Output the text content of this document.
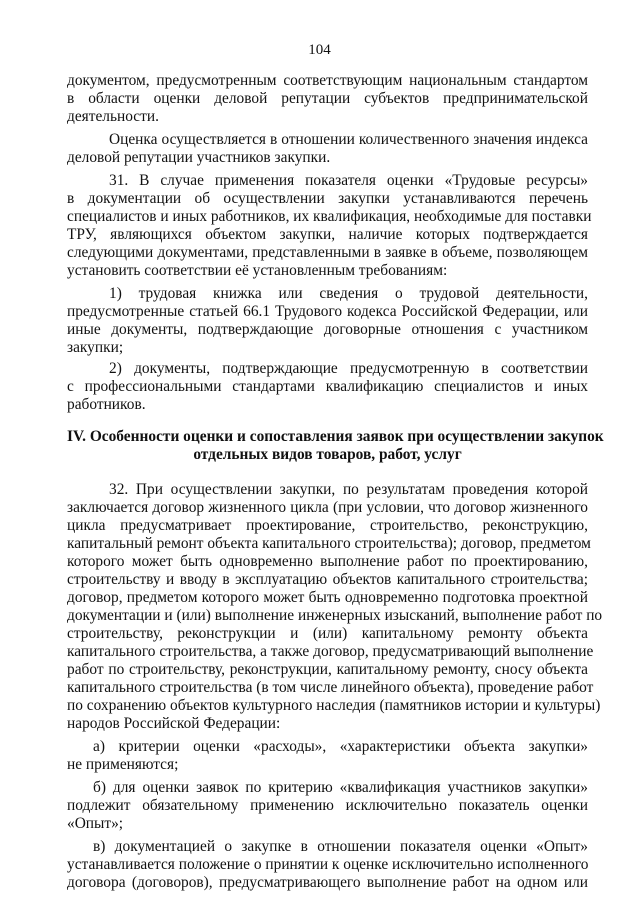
104
документом, предусмотренным соответствующим национальным стандартом
в области оценки деловой репутации субъектов предпринимательской
деятельности.
Оценка осуществляется в отношении количественного значения индекса
деловой репутации участников закупки.
31. В случае применения показателя оценки «Трудовые ресурсы»
в документации об осуществлении закупки устанавливаются перечень
специалистов и иных работников, их квалификация, необходимые для поставки
ТРУ, являющихся объектом закупки, наличие которых подтверждается
следующими документами, представленными в заявке в объеме, позволяющем
установить соответствии её установленным требованиям:
1) трудовая книжка или сведения о трудовой деятельности,
предусмотренные статьей 66.1 Трудового кодекса Российской Федерации, или
иные документы, подтверждающие договорные отношения с участником
закупки;
2) документы, подтверждающие предусмотренную в соответствии
с профессиональными стандартами квалификацию специалистов и иных
работников.
IV. Особенности оценки и сопоставления заявок при осуществлении закупок
отдельных видов товаров, работ, услуг
32. При осуществлении закупки, по результатам проведения которой
заключается договор жизненного цикла (при условии, что договор жизненного
цикла предусматривает проектирование, строительство, реконструкцию,
капитальный ремонт объекта капитального строительства); договор, предметом
которого может быть одновременно выполнение работ по проектированию,
строительству и вводу в эксплуатацию объектов капитального строительства;
договор, предметом которого может быть одновременно подготовка проектной
документации и (или) выполнение инженерных изысканий, выполнение работ по
строительству, реконструкции и (или) капитальному ремонту объекта
капитального строительства, а также договор, предусматривающий выполнение
работ по строительству, реконструкции, капитальному ремонту, сносу объекта
капитального строительства (в том числе линейного объекта), проведение работ
по сохранению объектов культурного наследия (памятников истории и культуры)
народов Российской Федерации:
а) критерии оценки «расходы», «характеристики объекта закупки»
не применяются;
б) для оценки заявок по критерию «квалификация участников закупки»
подлежит обязательному применению исключительно показатель оценки
«Опыт»;
в) документацией о закупке в отношении показателя оценки «Опыт»
устанавливается положение о принятии к оценке исключительно исполненного
договора (договоров), предусматривающего выполнение работ на одном или
